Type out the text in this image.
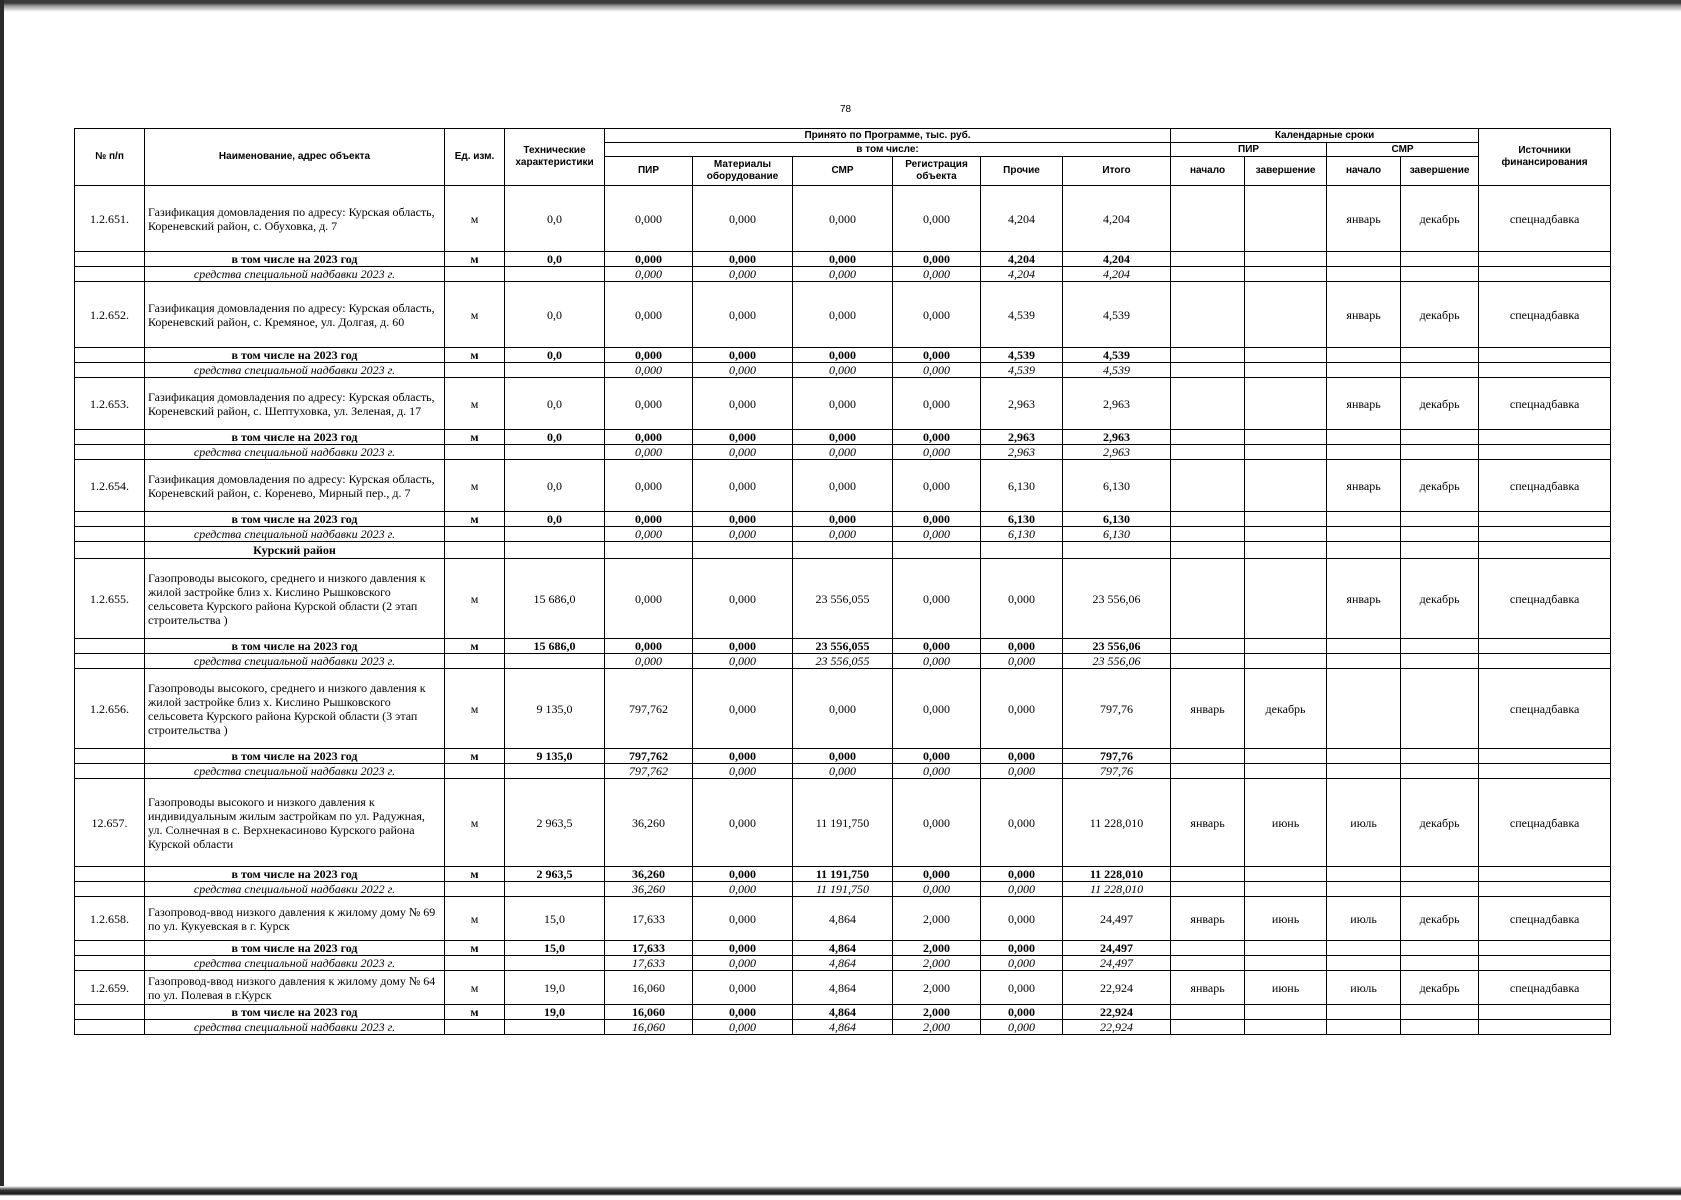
78
№ п/п	Наименование, адрес объекта	Ед. изм.	Технические характеристики	Принято по Программе, тыс. руб.						Календарные сроки				Источники финансирования
				в том числе:						ПИР		СМР		
				ПИР	Материалы оборудование	СМР	Регистрация объекта	Прочие	Итого	начало	завершение	начало	завершение	
1.2.651.	Газификация домовладения по адресу: Курская область, Кореневский район, с. Обуховка, д. 7	м	0,0	0,000	0,000	0,000	0,000	4,204	4,204			январь	декабрь	спецнадбавка
	в том числе на 2023 год	м	0,0	0,000	0,000	0,000	0,000	4,204	4,204					
	средства специальной надбавки 2023 г.			0,000	0,000	0,000	0,000	4,204	4,204					
1.2.652.	Газификация домовладения по адресу: Курская область, Кореневский район, с. Кремяное, ул. Долгая, д. 60	м	0,0	0,000	0,000	0,000	0,000	4,539	4,539			январь	декабрь	спецнадбавка
	в том числе на 2023 год	м	0,0	0,000	0,000	0,000	0,000	4,539	4,539					
	средства специальной надбавки 2023 г.			0,000	0,000	0,000	0,000	4,539	4,539					
1.2.653.	Газификация домовладения по адресу: Курская область, Кореневский район, с. Шептуховка, ул. Зеленая, д. 17	м	0,0	0,000	0,000	0,000	0,000	2,963	2,963			январь	декабрь	спецнадбавка
	в том числе на 2023 год	м	0,0	0,000	0,000	0,000	0,000	2,963	2,963					
	средства специальной надбавки 2023 г.			0,000	0,000	0,000	0,000	2,963	2,963					
1.2.654.	Газификация домовладения по адресу: Курская область, Кореневский район, с. Коренево, Мирный пер., д. 7	м	0,0	0,000	0,000	0,000	0,000	6,130	6,130			январь	декабрь	спецнадбавка
	в том числе на 2023 год	м	0,0	0,000	0,000	0,000	0,000	6,130	6,130					
	средства специальной надбавки 2023 г.			0,000	0,000	0,000	0,000	6,130	6,130					
	Курский район													
1.2.655.	Газопроводы высокого, среднего и низкого давления к жилой застройке близ х. Кислино Рышковского сельсовета Курского района Курской области (2 этап строительства )	м	15 686,0	0,000	0,000	23 556,055	0,000	0,000	23 556,06			январь	декабрь	спецнадбавка
	в том числе на 2023 год	м	15 686,0	0,000	0,000	23 556,055	0,000	0,000	23 556,06					
	средства специальной надбавки 2023 г.			0,000	0,000	23 556,055	0,000	0,000	23 556,06					
1.2.656.	Газопроводы высокого, среднего и низкого давления к жилой застройке близ х. Кислино Рышковского сельсовета Курского района Курской области (3 этап строительства )	м	9 135,0	797,762	0,000	0,000	0,000	0,000	797,76	январь	декабрь			спецнадбавка
	в том числе на 2023 год	м	9 135,0	797,762	0,000	0,000	0,000	0,000	797,76					
	средства специальной надбавки 2023 г.			797,762	0,000	0,000	0,000	0,000	797,76					
12.657.	Газопроводы высокого и низкого давления к индивидуальным жилым застройкам по ул. Радужная, ул. Солнечная в с. Верхнекасиново Курского района Курской области	м	2 963,5	36,260	0,000	11 191,750	0,000	0,000	11 228,010	январь	июнь	июль	декабрь	спецнадбавка
	в том числе на 2023 год	м	2 963,5	36,260	0,000	11 191,750	0,000	0,000	11 228,010					
	средства специальной надбавки 2022 г.			36,260	0,000	11 191,750	0,000	0,000	11 228,010					
1.2.658.	Газопровод-ввод низкого давления к жилому дому № 69 по ул. Кукуевская в г. Курск	м	15,0	17,633	0,000	4,864	2,000	0,000	24,497	январь	июнь	июль	декабрь	спецнадбавка
	в том числе на 2023 год	м	15,0	17,633	0,000	4,864	2,000	0,000	24,497					
	средства специальной надбавки 2023 г.			17,633	0,000	4,864	2,000	0,000	24,497					
1.2.659.	Газопровод-ввод низкого давления к жилому дому № 64 по ул. Полевая в г.Курск	м	19,0	16,060	0,000	4,864	2,000	0,000	22,924	январь	июнь	июль	декабрь	спецнадбавка
	в том числе на 2023 год	м	19,0	16,060	0,000	4,864	2,000	0,000	22,924					
	средства специальной надбавки 2023 г.			16,060	0,000	4,864	2,000	0,000	22,924					
